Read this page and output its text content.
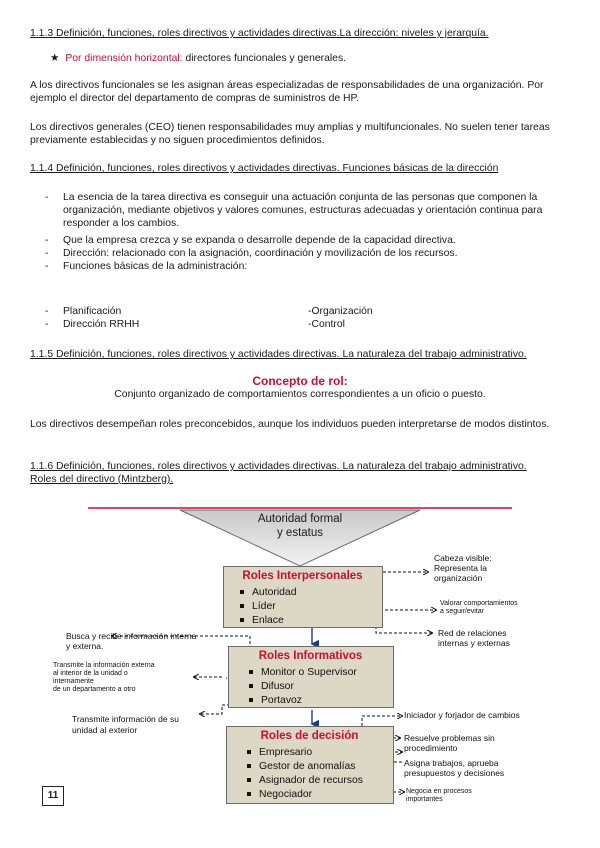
1.1.3 Definición, funciones, roles directivos y actividades directivas.La dirección: niveles y jerarquía.
★ Por dimensión horizontal: directores funcionales y generales.
A los directivos funcionales se les asignan áreas especializadas de responsabilidades de una organización. Por ejemplo el director del departamento de compras de suministros de HP.
Los directivos generales (CEO) tienen responsabilidades muy amplias y multifuncionales. No suelen tener tareas previamente establecidas y no siguen procedimientos definidos.
1.1.4 Definición, funciones, roles directivos y actividades directivas. Funciones básicas de la dirección
- La esencia de la tarea directiva es conseguir una actuación conjunta de las personas que componen la organización, mediante objetivos y valores comunes, estructuras adecuadas y orientación continua para responder a los cambios.
- Que la empresa crezca y se expanda o desarrolle depende de la capacidad directiva.
- Dirección: relacionado con la asignación, coordinación y movilización de los recursos.
- Funciones básicas de la administración:
- Planificación	-Organización
- Dirección RRHH	-Control
1.1.5 Definición, funciones, roles directivos y actividades directivas. La naturaleza del trabajo administrativo.
Concepto de rol:
Conjunto organizado de comportamientos correspondientes a un oficio o puesto.
Los directivos desempeñan roles preconcebidos, aunque los individuos pueden interpretarse de modos distintos.
1.1.6 Definición, funciones, roles directivos y actividades directivas. La naturaleza del trabajo administrativo.
Roles del directivo (Mintzberg).
Autoridad formal
y estatus
Roles Interpersonales
Autoridad
Líder
Enlace
Roles Informativos
Monitor o Supervisor
Difusor
Portavoz
Roles de decisión
Empresario
Gestor de anomalías
Asignador de recursos
Negociador
Cabeza visible:
Representa la
organización
Valorar comportamientos
a seguir/evitar
Red de relaciones
internas y externas
Busca y recibe información interna
y externa.
Transmite la información externa
al interior de la unidad o
internamente
de un departamento a otro
Transmite información de su
unidad al exterior
Iniciador y forjador de cambios
Resuelve problemas sin
procedimiento
Asigna trabajos, aprueba
presupuestos y decisiones
Negocia en procesos
importantes
11
